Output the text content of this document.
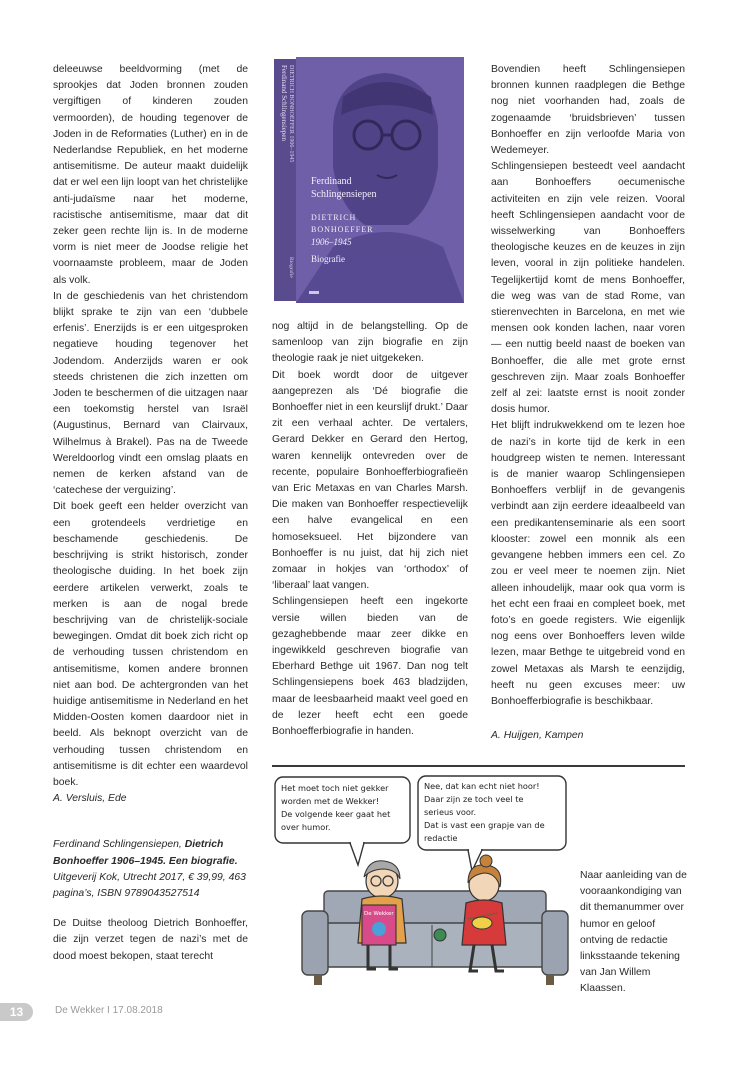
deleeuwse beeldvorming (met de sprookjes dat Joden bronnen zouden vergiftigen of kinderen zouden vermoorden), de houding tegenover de Joden in de Reformaties (Luther) en in de Nederlandse Republiek, en het moderne antisemitisme. De auteur maakt duidelijk dat er wel een lijn loopt van het christelijke anti-judaïsme naar het moderne, racistische antisemitisme, maar dat dit zeker geen rechte lijn is. In de moderne vorm is niet meer de Joodse religie het voornaamste probleem, maar de Joden als volk.

In de geschiedenis van het christendom blijkt sprake te zijn van een ‘dubbele erfenis’. Enerzijds is er een uitgesproken negatieve houding tegenover het Jodendom. Anderzijds waren er ook steeds christenen die zich inzetten om Joden te beschermen of die uitzagen naar een toekomstig herstel van Israël (Augustinus, Bernard van Clairvaux, Wilhelmus à Brakel). Pas na de Tweede Wereldoorlog vindt een omslag plaats en nemen de kerken afstand van de ‘catechese der verguizing’.

Dit boek geeft een helder overzicht van een grotendeels verdrietige en beschamende geschiedenis. De beschrijving is strikt historisch, zonder theologische duiding. In het boek zijn eerdere artikelen verwerkt, zoals te merken is aan de nogal brede beschrijving van de christelijk-sociale bewegingen. Omdat dit boek zich richt op de verhouding tussen christendom en antisemitisme, komen andere bronnen niet aan bod. De achtergronden van het huidige antisemitisme in Nederland en het Midden-Oosten komen daardoor niet in beeld. Als beknopt overzicht van de verhouding tussen christendom en antisemitisme is dit echter een waardevol boek.

A. Versluis, Ede

Ferdinand Schlingensiepen, Dietrich Bonhoeffer 1906–1945. Een biografie. Uitgeverij Kok, Utrecht 2017, € 39,99, 463 pagina’s, ISBN 9789043527514

De Duitse theoloog Dietrich Bonhoeffer, die zijn verzet tegen de nazi’s met de dood moest bekopen, staat terecht

Ferdinand Schlingensiepen DIETRICH BONHOEFFER 1906–1945
Biografie
Ferdinand
Schlingensiepen
DIETRICH
BONHOEFFER
1906–1945
Biografie

nog altijd in de belangstelling. Op de samenloop van zijn biografie en zijn theologie raak je niet uitgekeken.

Dit boek wordt door de uitgever aangeprezen als ‘Dé biografie die Bonhoeffer niet in een keurslijf drukt.’ Daar zit een verhaal achter. De vertalers, Gerard Dekker en Gerard den Hertog, waren kennelijk ontevreden over de recente, populaire Bonhoefferbiografieën van Eric Metaxas en van Charles Marsh. Die maken van Bonhoeffer respectievelijk een halve evangelical en een homoseksueel. Het bijzondere van Bonhoeffer is nu juist, dat hij zich niet zomaar in hokjes van ‘orthodox’ of ‘liberaal’ laat vangen.

Schlingensiepen heeft een ingekorte versie willen bieden van de gezaghebbende maar zeer dikke en ingewikkeld geschreven biografie van Eberhard Bethge uit 1967. Dan nog telt Schlingensiepens boek 463 bladzijden, maar de leesbaarheid maakt veel goed en de lezer heeft echt een goede Bonhoefferbiografie in handen.

Bovendien heeft Schlingensiepen bronnen kunnen raadplegen die Bethge nog niet voorhanden had, zoals de zogenaamde ‘bruidsbrieven’ tussen Bonhoeffer en zijn verloofde Maria von Wedemeyer.

Schlingensiepen besteedt veel aandacht aan Bonhoeffers oecumenische activiteiten en zijn vele reizen. Vooral heeft Schlingensiepen aandacht voor de wisselwerking van Bonhoeffers theologische keuzes en de keuzes in zijn leven, vooral in zijn politieke handelen. Tegelijkertijd komt de mens Bonhoeffer, die weg was van de stad Rome, van stierenvechten in Barcelona, en met wie mensen ook konden lachen, naar voren — een nuttig beeld naast de boeken van Bonhoeffer, die alle met grote ernst geschreven zijn. Maar zoals Bonhoeffer zelf al zei: laatste ernst is nooit zonder dosis humor.

Het blijft indrukwekkend om te lezen hoe de nazi’s in korte tijd de kerk in een houdgreep wisten te nemen. Interessant is de manier waarop Schlingensiepen Bonhoeffers verblijf in de gevangenis verbindt aan zijn eerdere ideaalbeeld van een predikantenseminarie als een soort klooster: zowel een monnik als een gevangene hebben immers een cel. Zo zou er veel meer te noemen zijn. Niet alleen inhoudelijk, maar ook qua vorm is het echt een fraai en compleet boek, met foto’s en goede registers. Wie eigenlijk nog eens over Bonhoeffers leven wilde lezen, maar Bethge te uitgebreid vond en zowel Metaxas als Marsh te eenzijdig, heeft nu geen excuses meer: uw Bonhoefferbiografie is beschikbaar.

A. Huijgen, Kampen

Het moet toch niet gekker
worden met de Wekker!
De volgende keer gaat het
over humor.
Nee, dat kan echt niet hoor!
Daar zijn ze toch veel te
serieus voor.
Dat is vast een grapje van de
redactie
De Wekker
Naar aanleiding van de vooraankondiging van dit themanummer over humor en geloof ontving de redactie linksstaande tekening van Jan Willem Klaassen.
13	De Wekker I 17.08.2018
